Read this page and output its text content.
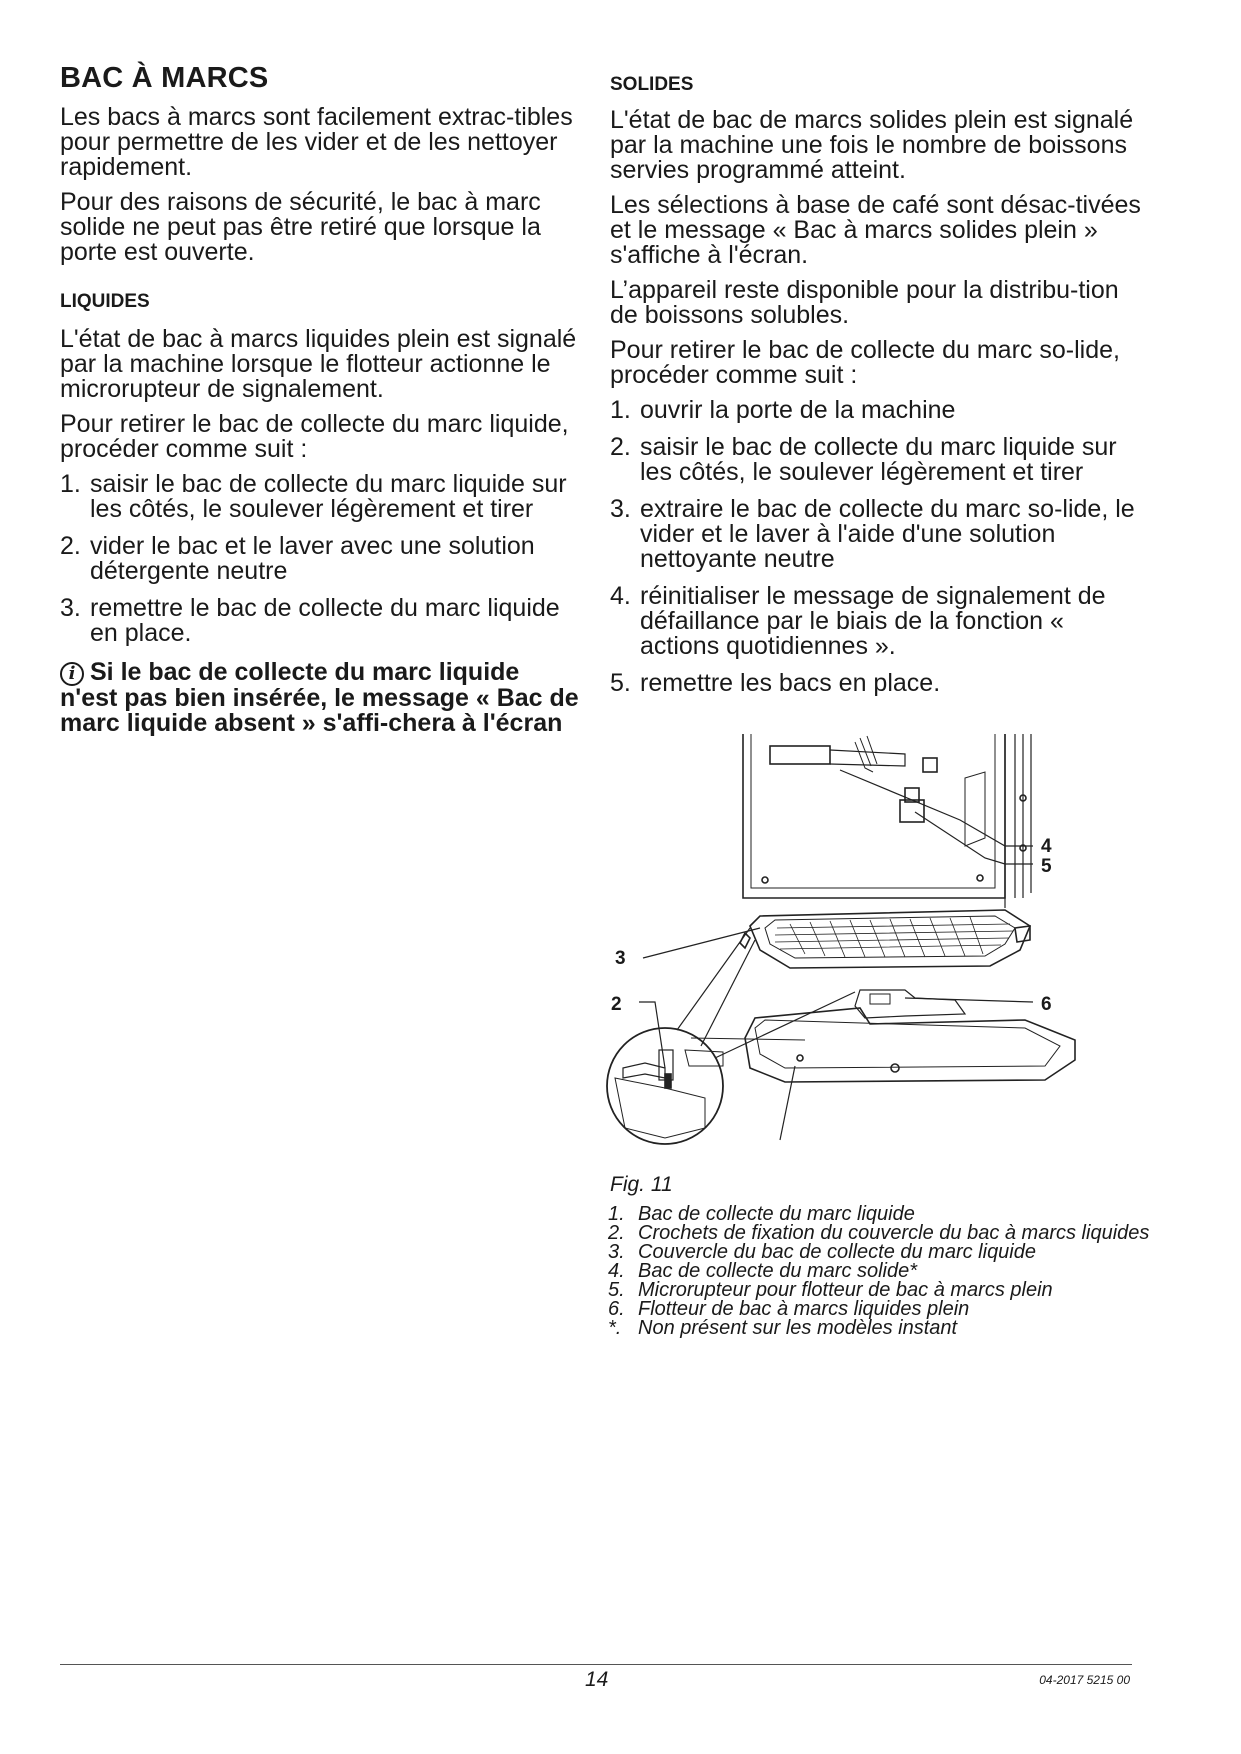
BAC À MARCS

Les bacs à marcs sont facilement extrac-tibles pour permettre de les vider et de les nettoyer rapidement.

Pour des raisons de sécurité, le bac à marc solide ne peut pas être retiré que lorsque la porte est ouverte.

LIQUIDES

L'état de bac à marcs liquides plein est signalé par la machine lorsque le flotteur actionne le microrupteur de signalement.

Pour retirer le bac de collecte du marc liquide, procéder comme suit :

1. saisir le bac de collecte du marc liquide sur les côtés, le soulever légèrement et tirer
2. vider le bac et le laver avec une solution détergente neutre
3. remettre le bac de collecte du marc liquide en place.
i Si le bac de collecte du marc liquide n'est pas bien insérée, le message « Bac de marc liquide absent » s'affi-chera à l'écran
SOLIDES

L'état de bac de marcs solides plein est signalé par la machine une fois le nombre de boissons servies programmé atteint.

Les sélections à base de café sont désac-tivées et le message « Bac à marcs solides plein » s'affiche à l'écran.

L’appareil reste disponible pour la distribu-tion de boissons solubles.

Pour retirer le bac de collecte du marc so-lide, procéder comme suit :

1. ouvrir la porte de la machine
2. saisir le bac de collecte du marc liquide sur les côtés, le soulever légèrement et tirer
3. extraire le bac de collecte du marc so-lide, le vider et le laver à l'aide d'une solution nettoyante neutre
4. réinitialiser le message de signalement de défaillance par le biais de la fonction « actions quotidiennes ».
5. remettre les bacs en place.
3
2
4
5
6
Fig. 11
1. Bac de collecte du marc liquide
2. Crochets de fixation du couvercle du bac à marcs liquides
3. Couvercle du bac de collecte du marc liquide
4. Bac de collecte du marc solide*
5. Microrupteur pour flotteur de bac à marcs plein
6. Flotteur de bac à marcs liquides plein
*. Non présent sur les modèles instant
14	04-2017 5215 00
